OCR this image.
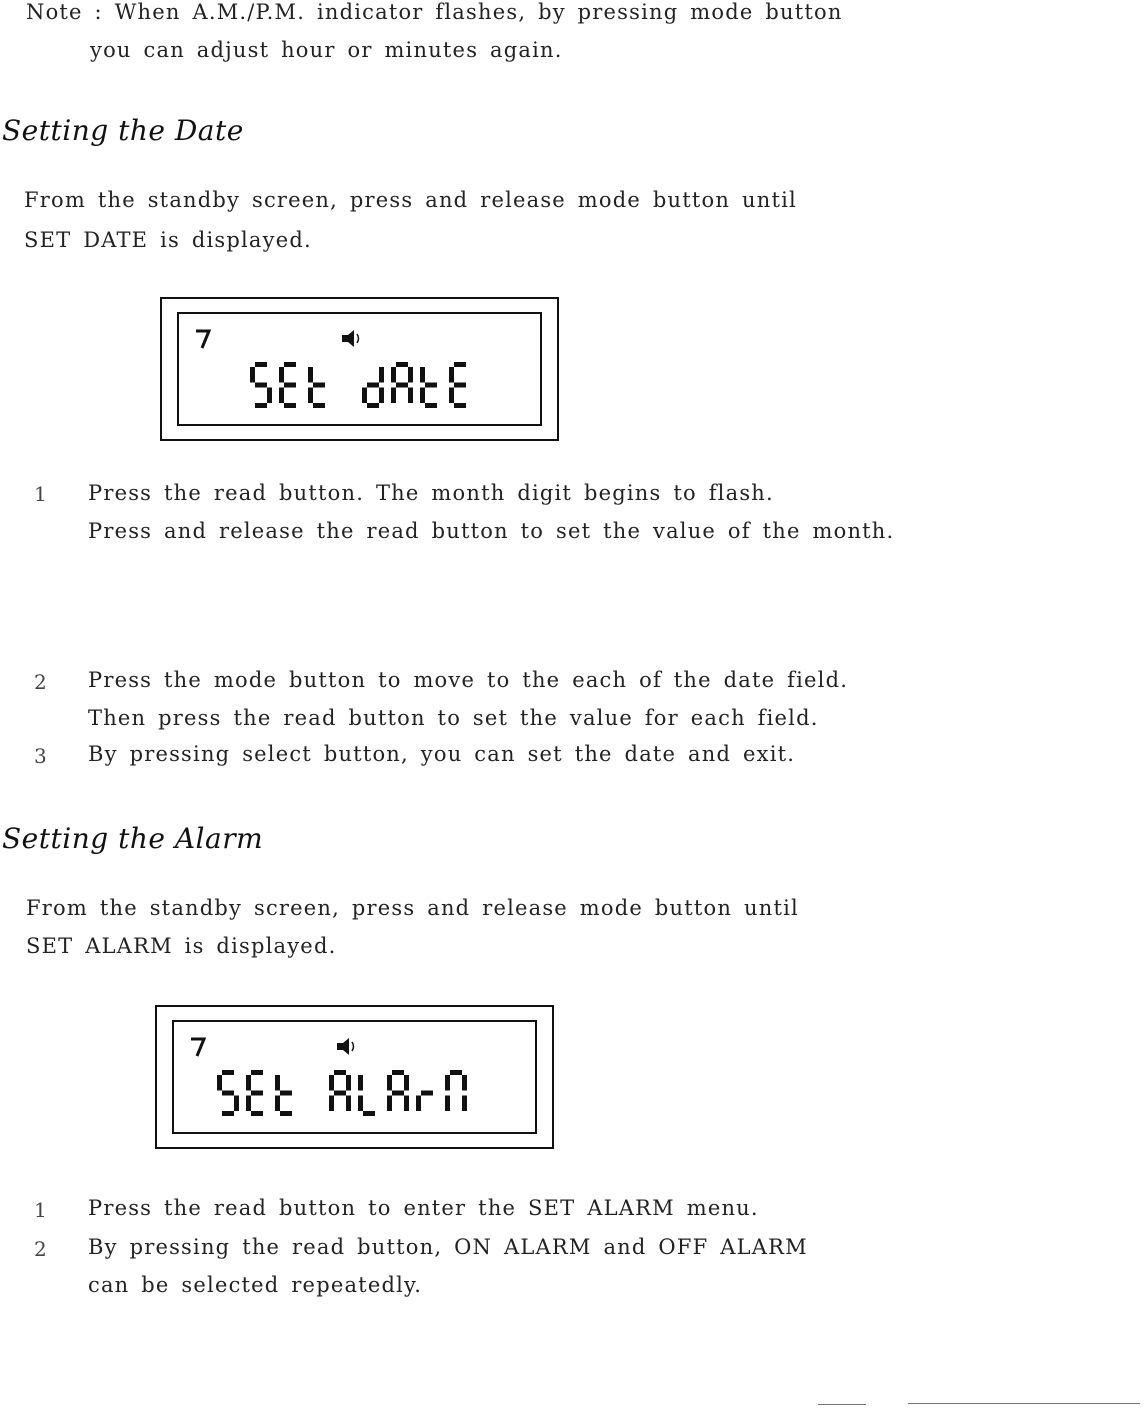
Note : When A.M./P.M. indicator flashes, by pressing mode button
you can adjust hour or minutes again.
Setting the Date
From the standby screen, press and release mode button until
SET DATE is displayed.
1 Press the read button. The month digit begins to flash.
Press and release the read button to set the value of the month.
2 Press the mode button to move to the each of the date field.
Then press the read button to set the value for each field.
3 By pressing select button, you can set the date and exit.
Setting the Alarm
From the standby screen, press and release mode button until
SET ALARM is displayed.
1 Press the read button to enter the SET ALARM menu.
2 By pressing the read button, ON ALARM and OFF ALARM
can be selected repeatedly.
